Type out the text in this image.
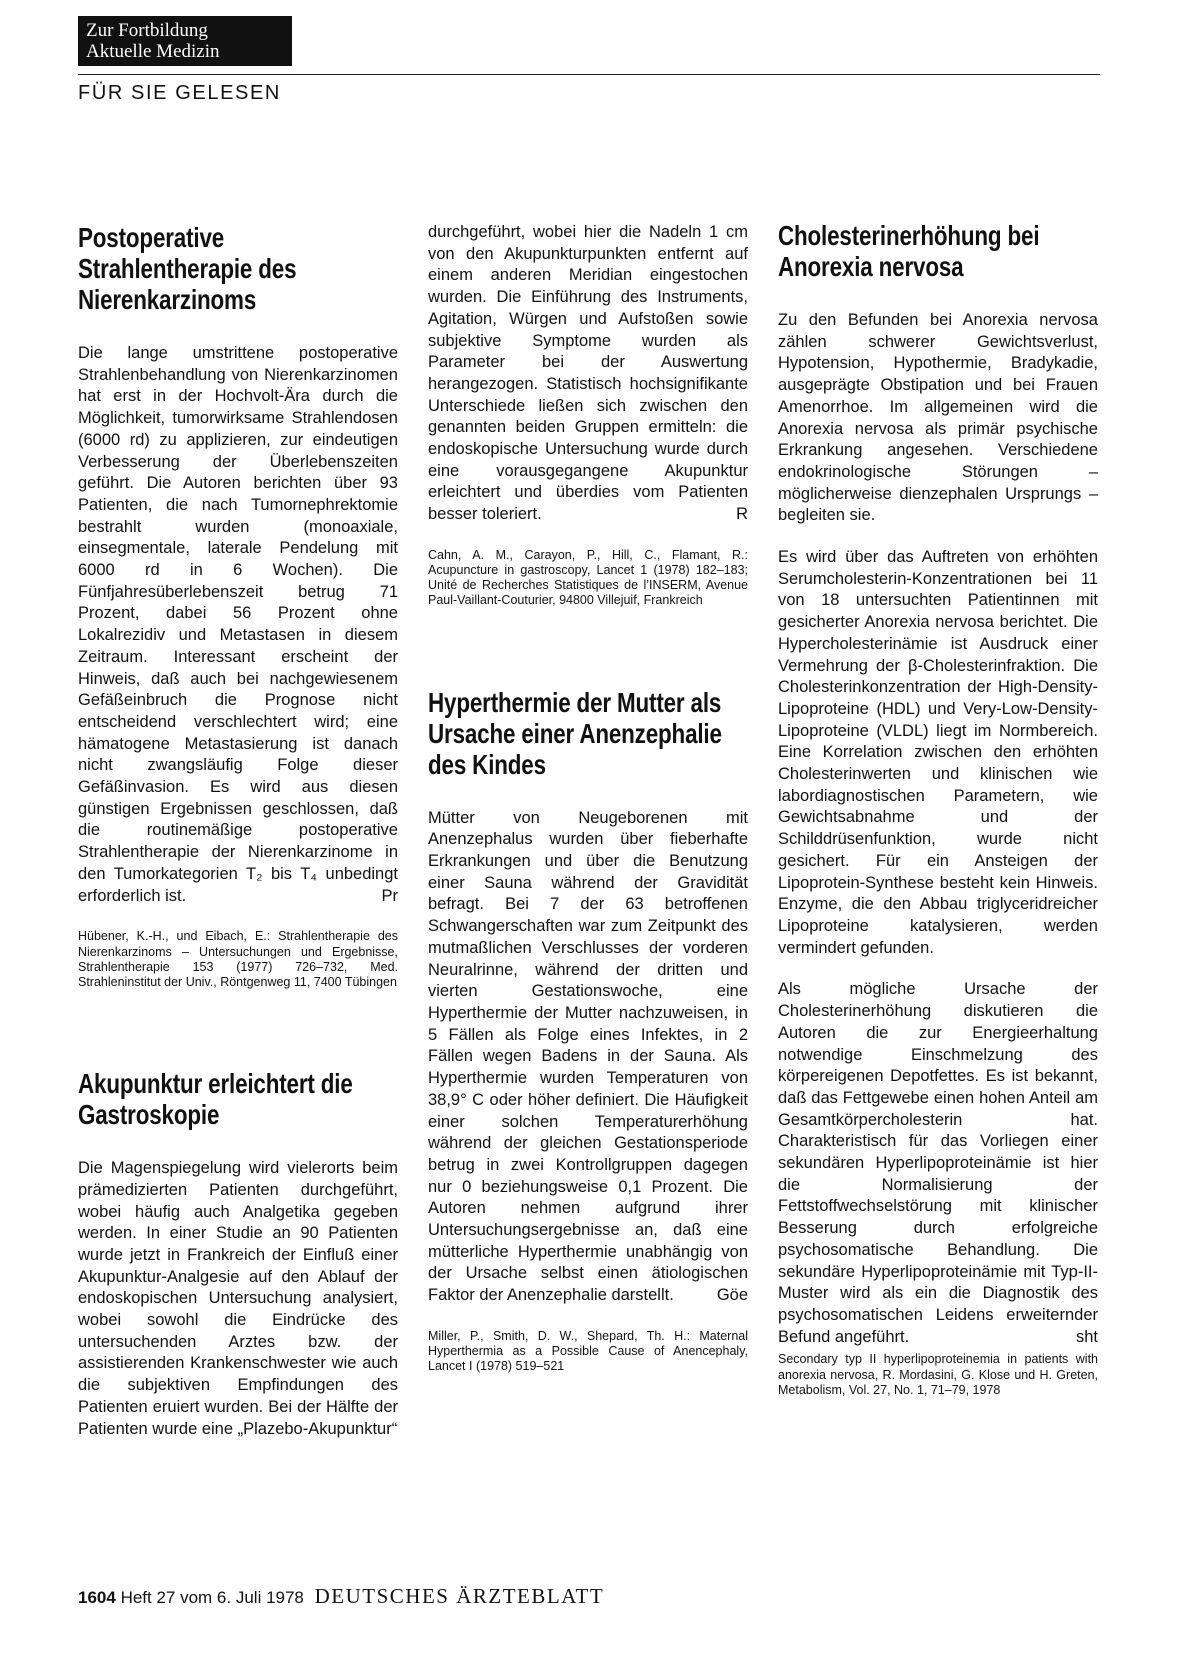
Zur Fortbildung
Aktuelle Medizin
FÜR SIE GELESEN
Postoperative Strahlentherapie des Nierenkarzinoms

Die lange umstrittene postoperative Strahlenbehandlung von Nierenkarzinomen hat erst in der Hochvolt-Ära durch die Möglichkeit, tumorwirksame Strahlendosen (6000 rd) zu applizieren, zur eindeutigen Verbesserung der Überlebenszeiten geführt. Die Autoren berichten über 93 Patienten, die nach Tumornephrektomie bestrahlt wurden (monoaxiale, einsegmentale, laterale Pendelung mit 6000 rd in 6 Wochen). Die Fünfjahresüberlebenszeit betrug 71 Prozent, dabei 56 Prozent ohne Lokalrezidiv und Metastasen in diesem Zeitraum. Interessant erscheint der Hinweis, daß auch bei nachgewiesenem Gefäßeinbruch die Prognose nicht entscheidend verschlechtert wird; eine hämatogene Metastasierung ist danach nicht zwangsläufig Folge dieser Gefäßinvasion. Es wird aus diesen günstigen Ergebnissen geschlossen, daß die routinemäßige postoperative Strahlentherapie der Nierenkarzinome in den Tumorkategorien T₂ bis T₄ unbedingt erforderlich ist.	Pr

Hübener, K.-H., und Eibach, E.: Strahlentherapie des Nierenkarzinoms – Untersuchungen und Ergebnisse, Strahlentherapie 153 (1977) 726–732, Med. Strahleninstitut der Univ., Röntgenweg 11, 7400 Tübingen

Akupunktur erleichtert die Gastroskopie

Die Magenspiegelung wird vielerorts beim prämedizierten Patienten durchgeführt, wobei häufig auch Analgetika gegeben werden. In einer Studie an 90 Patienten wurde jetzt in Frankreich der Einfluß einer Akupunktur-Analgesie auf den Ablauf der endoskopischen Untersuchung analysiert, wobei sowohl die Eindrücke des untersuchenden Arztes bzw. der assistierenden Krankenschwester wie auch die subjektiven Empfindungen des Patienten eruiert wurden. Bei der Hälfte der Patienten wurde eine „Plazebo-Akupunktur“

durchgeführt, wobei hier die Nadeln 1 cm von den Akupunkturpunkten entfernt auf einem anderen Meridian eingestochen wurden. Die Einführung des Instruments, Agitation, Würgen und Aufstoßen sowie subjektive Symptome wurden als Parameter bei der Auswertung herangezogen. Statistisch hochsignifikante Unterschiede ließen sich zwischen den genannten beiden Gruppen ermitteln: die endoskopische Untersuchung wurde durch eine vorausgegangene Akupunktur erleichtert und überdies vom Patienten besser toleriert.	R

Cahn, A. M., Carayon, P., Hill, C., Flamant, R.: Acupuncture in gastroscopy, Lancet 1 (1978) 182–183; Unité de Recherches Statistiques de l’INSERM, Avenue Paul-Vaillant-Couturier, 94800 Villejuif, Frankreich

Hyperthermie der Mutter als Ursache einer Anenzephalie des Kindes

Mütter von Neugeborenen mit Anenzephalus wurden über fieberhafte Erkrankungen und über die Benutzung einer Sauna während der Gravidität befragt. Bei 7 der 63 betroffenen Schwangerschaften war zum Zeitpunkt des mutmaßlichen Verschlusses der vorderen Neuralrinne, während der dritten und vierten Gestationswoche, eine Hyperthermie der Mutter nachzuweisen, in 5 Fällen als Folge eines Infektes, in 2 Fällen wegen Badens in der Sauna. Als Hyperthermie wurden Temperaturen von 38,9° C oder höher definiert. Die Häufigkeit einer solchen Temperaturerhöhung während der gleichen Gestationsperiode betrug in zwei Kontrollgruppen dagegen nur 0 beziehungsweise 0,1 Prozent. Die Autoren nehmen aufgrund ihrer Untersuchungsergebnisse an, daß eine mütterliche Hyperthermie unabhängig von der Ursache selbst einen ätiologischen Faktor der Anenzephalie darstellt.	Göe

Miller, P., Smith, D. W., Shepard, Th. H.: Maternal Hyperthermia as a Possible Cause of Anencephaly, Lancet I (1978) 519–521

Cholesterinerhöhung bei Anorexia nervosa

Zu den Befunden bei Anorexia nervosa zählen schwerer Gewichtsverlust, Hypotension, Hypothermie, Bradykadie, ausgeprägte Obstipation und bei Frauen Amenorrhoe. Im allgemeinen wird die Anorexia nervosa als primär psychische Erkrankung angesehen. Verschiedene endokrinologische Störungen – möglicherweise dienzephalen Ursprungs – begleiten sie.

Es wird über das Auftreten von erhöhten Serumcholesterin-Konzentrationen bei 11 von 18 untersuchten Patientinnen mit gesicherter Anorexia nervosa berichtet. Die Hypercholesterinämie ist Ausdruck einer Vermehrung der β-Cholesterinfraktion. Die Cholesterinkonzentration der High-Density-Lipoproteine (HDL) und Very-Low-Density-Lipoproteine (VLDL) liegt im Normbereich. Eine Korrelation zwischen den erhöhten Cholesterinwerten und klinischen wie labordiagnostischen Parametern, wie Gewichtsabnahme und der Schilddrüsenfunktion, wurde nicht gesichert. Für ein Ansteigen der Lipoprotein-Synthese besteht kein Hinweis. Enzyme, die den Abbau triglyceridreicher Lipoproteine katalysieren, werden vermindert gefunden.

Als mögliche Ursache der Cholesterinerhöhung diskutieren die Autoren die zur Energieerhaltung notwendige Einschmelzung des körpereigenen Depotfettes. Es ist bekannt, daß das Fettgewebe einen hohen Anteil am Gesamtkörpercholesterin hat. Charakteristisch für das Vorliegen einer sekundären Hyperlipoproteinämie ist hier die Normalisierung der Fettstoffwechselstörung mit klinischer Besserung durch erfolgreiche psychosomatische Behandlung. Die sekundäre Hyperlipoproteinämie mit Typ-II-Muster wird als ein die Diagnostik des psychosomatischen Leidens erweiternder Befund angeführt.	sht

Secondary typ II hyperlipoproteinemia in patients with anorexia nervosa, R. Mordasini, G. Klose und H. Greten, Metabolism, Vol. 27, No. 1, 71–79, 1978

1604 Heft 27 vom 6. Juli 1978 DEUTSCHES ÄRZTEBLATT
